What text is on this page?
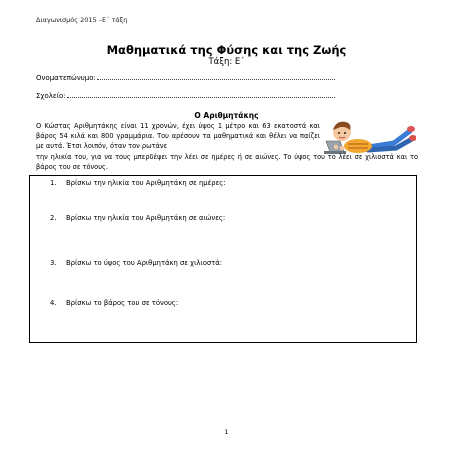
Διαγωνισμός 2015 –Ε΄ τάξη
Μαθηματικά της Φύσης και της Ζωής
Τάξη: Ε΄
Ονοματεπώνυμο:
Σχολείο:
Ο Αριθμητάκης
Ο Κώστας Αριθμητάκης είναι 11 χρονών, έχει ύψος 1 μέτρο και 63 εκατοστά και βάρος 54 κιλά και 800 γραμμάρια. Του αρέσουν τα μαθηματικά και θέλει να παίζει με αυτά. Έτσι λοιπόν, όταν τον ρωτάνε
την ηλικία του, για να τους μπερδέψει την λέει σε ημέρες ή σε αιώνες. Το ύψος του το λέει σε χιλιοστά και το βάρος του σε τόνους.
1. Βρίσκω την ηλικία του Αριθμητάκη σε ημέρες:
2. Βρίσκω την ηλικία του Αριθμητάκη σε αιώνες:
3. Βρίσκω το ύψος του Αριθμητάκη σε χιλιοστά:
4. Βρίσκω το βάρος του σε τόνους:
1
